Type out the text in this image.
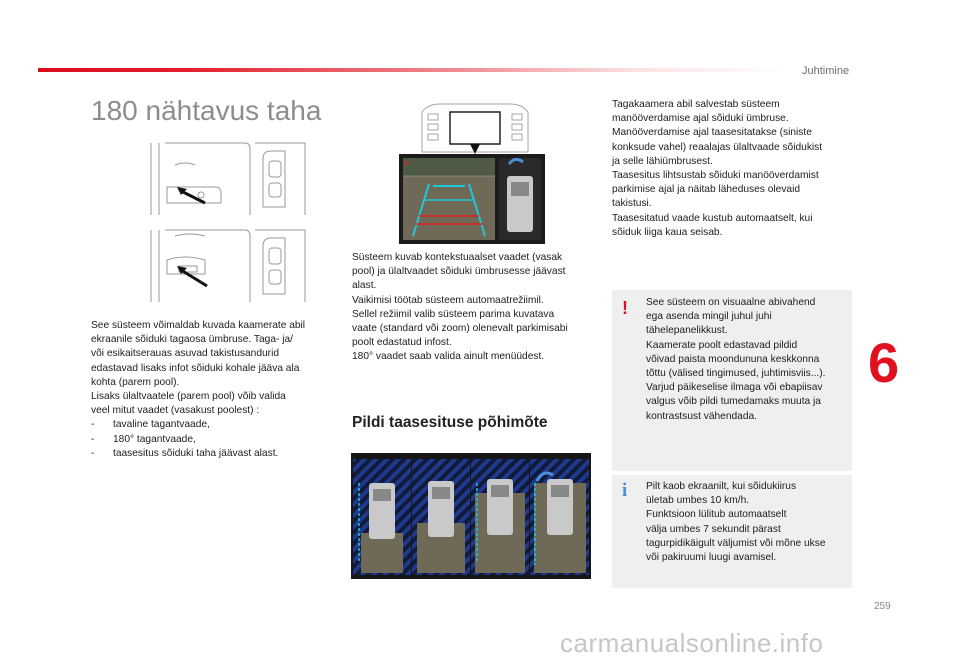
Juhtimine
6
259
180 nähtavus taha

See süsteem võimaldab kuvada kaamerate abil

ekraanile sõiduki tagaosa ümbruse. Taga- ja/

või esikaitserauas asuvad takistusandurid

edastavad lisaks infot sõiduki kohale jääva ala

kohta (parem pool).

Lisaks ülaltvaatele (parem pool) võib valida

veel mitut vaadet (vasakust poolest) :

-	tavaline tagantvaade,
-	180° tagantvaade,
-	taasesitus sõiduki taha jäävast alast.
×

Süsteem kuvab kontekstuaalset vaadet (vasak

pool) ja ülaltvaadet sõiduki ümbrusesse jäävast

alast.

Vaikimisi töötab süsteem automaatrežiimil.

Sellel režiimil valib süsteem parima kuvatava

vaate (standard või zoom) olenevalt parkimisabi

poolt edastatud infost.

180° vaadet saab valida ainult menüüdest.

Pildi taasesituse põhimõte

Tagakaamera abil salvestab süsteem

manööverdamise ajal sõiduki ümbruse.

Manööverdamise ajal taasesitatakse (siniste

konksude vahel) reaalajas ülaltvaade sõidukist

ja selle lähiümbrusest.

Taasesitus lihtsustab sõiduki manööverdamist

parkimise ajal ja näitab läheduses olevaid

takistusi.

Taasesitatud vaade kustub automaatselt, kui

sõiduk liiga kaua seisab.

! See süsteem on visuaalne abivahend

ega asenda mingil juhul juhi

tähelepanelikkust.

Kaamerate poolt edastavad pildid

võivad paista moondununa keskkonna

tõttu (välised tingimused, juhtimisviis...).

Varjud päikeselise ilmaga või ebapiisav

valgus võib pildi tumedamaks muuta ja

kontrastsust vähendada.

i Pilt kaob ekraanilt, kui sõidukiirus

ületab umbes 10 km/h.

Funktsioon lülitub automaatselt

välja umbes 7 sekundit pärast

tagurpidikäigult väljumist või mõne ukse

või pakiruumi luugi avamisel.

carmanualsonline.info
